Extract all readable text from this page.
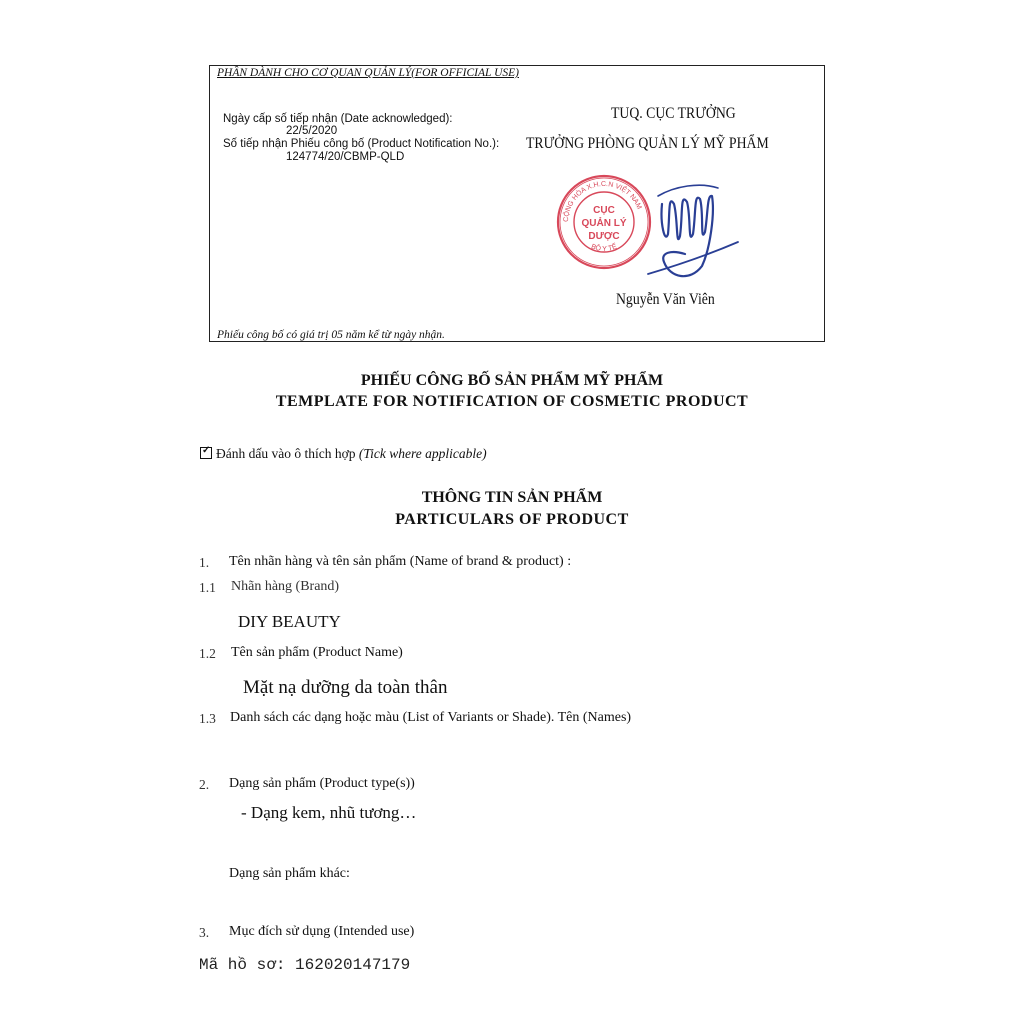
PHẦN DÀNH CHO CƠ QUAN QUẢN LÝ(FOR OFFICIAL USE)
Ngày cấp số tiếp nhận (Date acknowledged):
22/5/2020
Số tiếp nhận Phiếu công bố (Product Notification No.):
124774/20/CBMP-QLD
TUQ. CỤC TRƯỞNG
TRƯỞNG PHÒNG QUẢN LÝ MỸ PHẨM
CỘNG HÒA X.H.C.N VIỆT NAM
BỘ Y TẾ
CỤC
QUẢN LÝ
DƯỢC
Nguyễn Văn Viên
Phiếu công bố có giá trị 05 năm kể từ ngày nhận.
PHIẾU CÔNG BỐ SẢN PHẨM MỸ PHẨM
TEMPLATE FOR NOTIFICATION OF COSMETIC PRODUCT
✓ Đánh dấu vào ô thích hợp (Tick where applicable)
THÔNG TIN SẢN PHẨM
PARTICULARS OF PRODUCT
1. Tên nhãn hàng và tên sản phẩm (Name of brand & product) :
1.1 Nhãn hàng (Brand)
DIY BEAUTY
1.2 Tên sản phẩm (Product Name)
Mặt nạ dưỡng da toàn thân
1.3 Danh sách các dạng hoặc màu (List of Variants or Shade). Tên (Names)
2. Dạng sản phẩm (Product type(s))
- Dạng kem, nhũ tương…
Dạng sản phẩm khác:
3. Mục đích sử dụng (Intended use)
Mã hồ sơ: 162020147179
